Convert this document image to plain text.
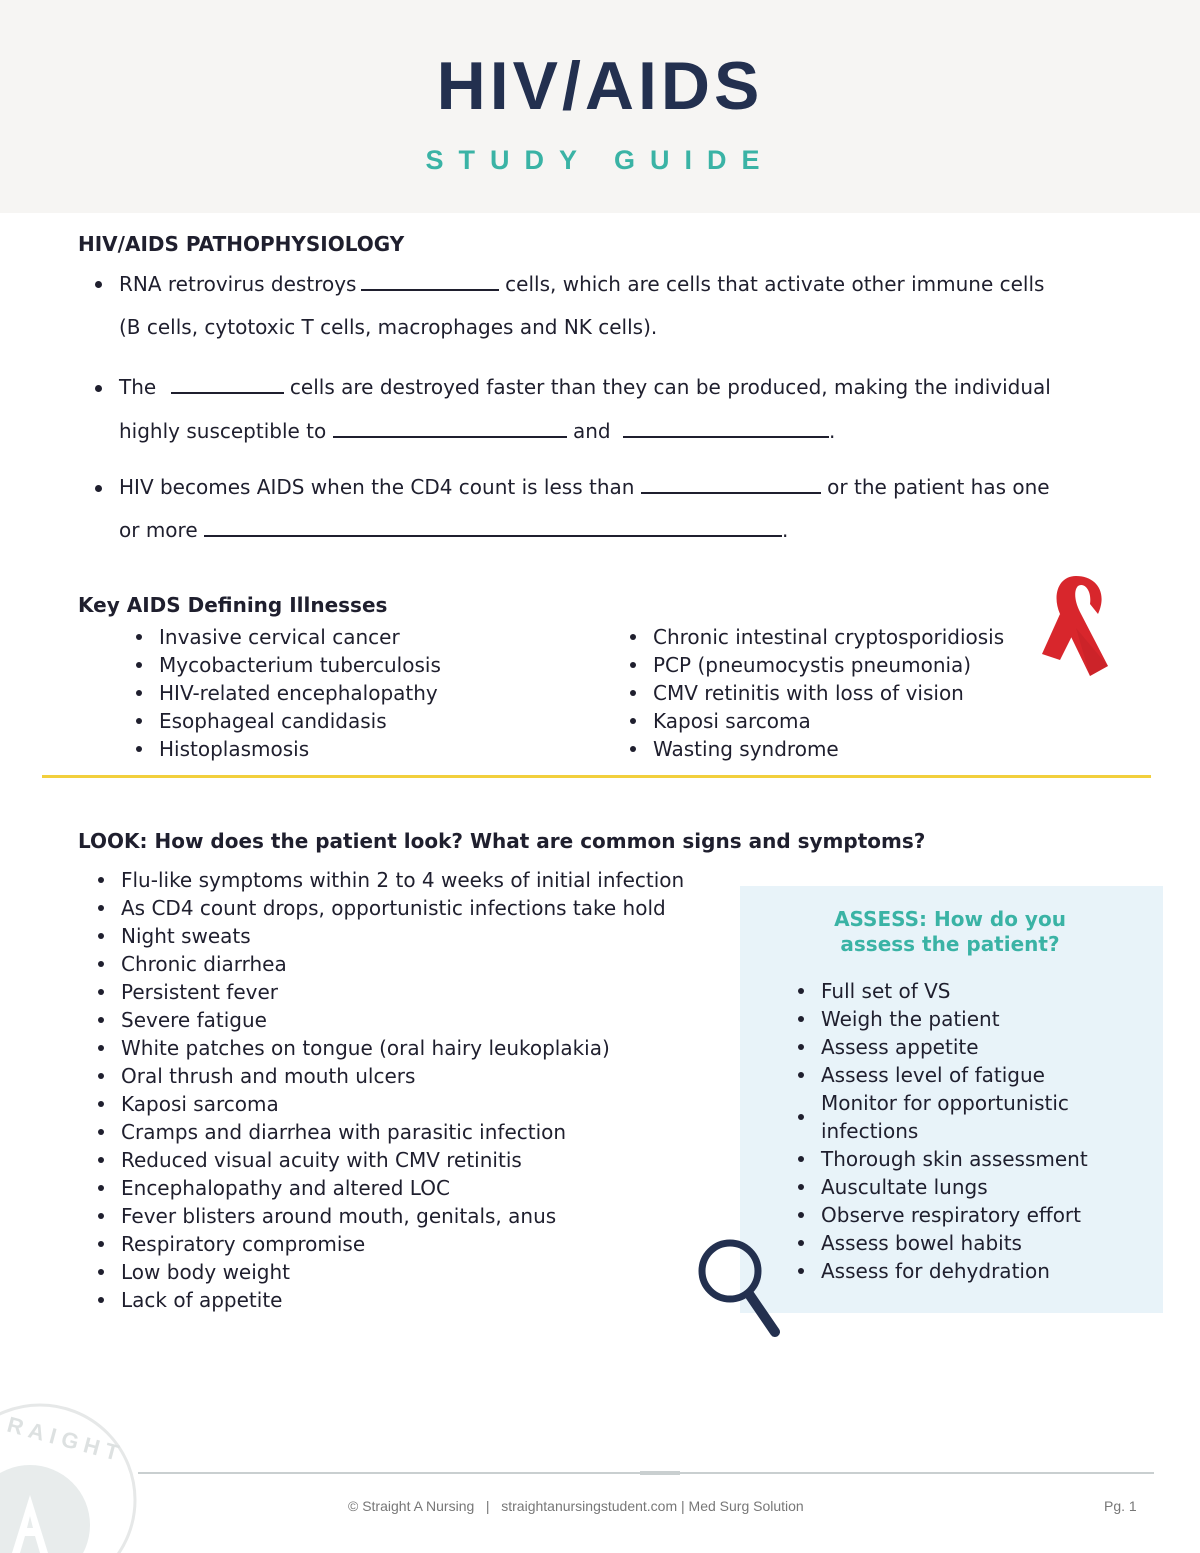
HIV/AIDS
STUDY GUIDE
HIV/AIDS PATHOPHYSIOLOGY
RNA retrovirus destroys	cells, which are cells that activate other immune cells
(B cells, cytotoxic T cells, macrophages and NK cells).
The	cells are destroyed faster than they can be produced, making the individual
highly susceptible to	and	.
HIV becomes AIDS when the CD4 count is less than	or the patient has one
or more	.
Key AIDS Defining Illnesses
Invasive cervical cancer
Mycobacterium tuberculosis
HIV-related encephalopathy
Esophageal candidasis
Histoplasmosis
Chronic intestinal cryptosporidiosis
PCP (pneumocystis pneumonia)
CMV retinitis with loss of vision
Kaposi sarcoma
Wasting syndrome
LOOK: How does the patient look? What are common signs and symptoms?
Flu-like symptoms within 2 to 4 weeks of initial infection
As CD4 count drops, opportunistic infections take hold
Night sweats
Chronic diarrhea
Persistent fever
Severe fatigue
White patches on tongue (oral hairy leukoplakia)
Oral thrush and mouth ulcers
Kaposi sarcoma
Cramps and diarrhea with parasitic infection
Reduced visual acuity with CMV retinitis
Encephalopathy and altered LOC
Fever blisters around mouth, genitals, anus
Respiratory compromise
Low body weight
Lack of appetite
ASSESS: How do you
assess the patient?
Full set of VS
Weigh the patient
Assess appetite
Assess level of fatigue
Monitor for opportunistic infections
Thorough skin assessment
Auscultate lungs
Observe respiratory effort
Assess bowel habits
Assess for dehydration
RAIGHT
© Straight A Nursing   |   straightanursingstudent.com | Med Surg Solution	Pg. 1
